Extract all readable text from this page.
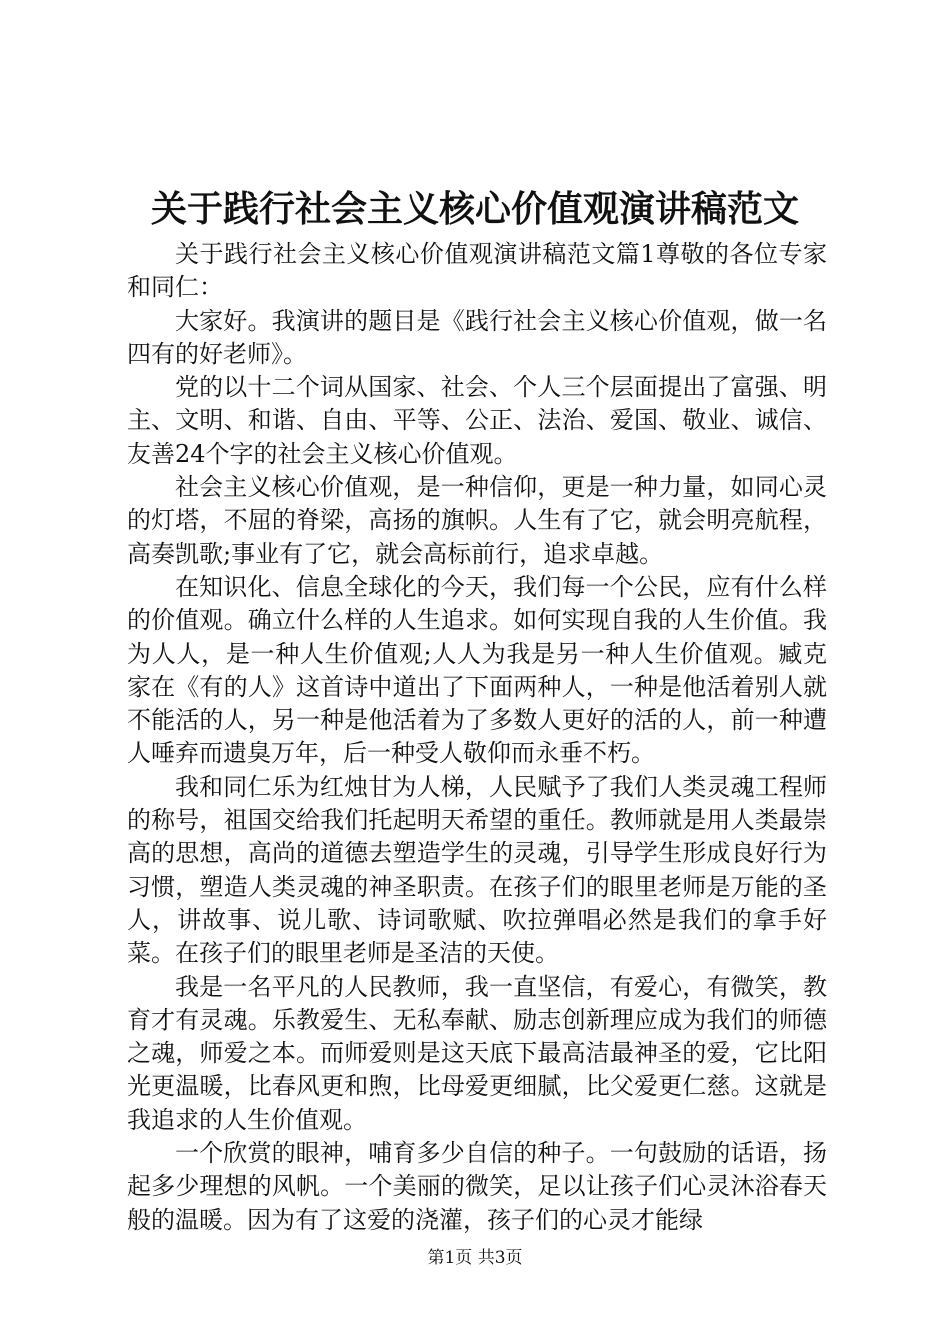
关于践行社会主义核心价值观演讲稿范文

关于践行社会主义核心价值观演讲稿范文篇1尊敬的各位专家和同仁：

大家好。我演讲的题目是《践行社会主义核心价值观，做一名四有的好老师》。

党的以十二个词从国家、社会、个人三个层面提出了富强、明主、文明、和谐、自由、平等、公正、法治、爱国、敬业、诚信、友善24个字的社会主义核心价值观。

社会主义核心价值观，是一种信仰，更是一种力量，如同心灵的灯塔，不屈的脊梁，高扬的旗帜。人生有了它，就会明亮航程，高奏凯歌;事业有了它，就会高标前行，追求卓越。

在知识化、信息全球化的今天，我们每一个公民，应有什么样的价值观。确立什么样的人生追求。如何实现自我的人生价值。我为人人，是一种人生价值观;人人为我是另一种人生价值观。臧克家在《有的人》这首诗中道出了下面两种人，一种是他活着别人就不能活的人，另一种是他活着为了多数人更好的活的人，前一种遭人唾弃而遗臭万年，后一种受人敬仰而永垂不朽。

我和同仁乐为红烛甘为人梯，人民赋予了我们人类灵魂工程师的称号，祖国交给我们托起明天希望的重任。教师就是用人类最崇高的思想，高尚的道德去塑造学生的灵魂，引导学生形成良好行为习惯，塑造人类灵魂的神圣职责。在孩子们的眼里老师是万能的圣人，讲故事、说儿歌、诗词歌赋、吹拉弹唱必然是我们的拿手好菜。在孩子们的眼里老师是圣洁的天使。

我是一名平凡的人民教师，我一直坚信，有爱心，有微笑，教育才有灵魂。乐教爱生、无私奉献、励志创新理应成为我们的师德之魂，师爱之本。而师爱则是这天底下最高洁最神圣的爱，它比阳光更温暖，比春风更和煦，比母爱更细腻，比父爱更仁慈。这就是我追求的人生价值观。

一个欣赏的眼神，哺育多少自信的种子。一句鼓励的话语，扬起多少理想的风帆。一个美丽的微笑，足以让孩子们心灵沐浴春天般的温暖。因为有了这爱的浇灌，孩子们的心灵才能绿

第1页 共3页
